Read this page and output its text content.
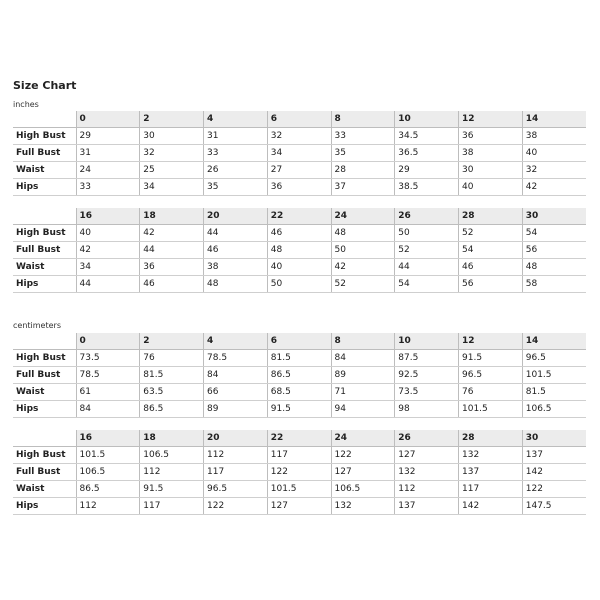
Size Chart
inches
	0	2	4	6	8	10	12	14
High Bust	29	30	31	32	33	34.5	36	38
Full Bust	31	32	33	34	35	36.5	38	40
Waist	24	25	26	27	28	29	30	32
Hips	33	34	35	36	37	38.5	40	42
	16	18	20	22	24	26	28	30
High Bust	40	42	44	46	48	50	52	54
Full Bust	42	44	46	48	50	52	54	56
Waist	34	36	38	40	42	44	46	48
Hips	44	46	48	50	52	54	56	58
centimeters
	0	2	4	6	8	10	12	14
High Bust	73.5	76	78.5	81.5	84	87.5	91.5	96.5
Full Bust	78.5	81.5	84	86.5	89	92.5	96.5	101.5
Waist	61	63.5	66	68.5	71	73.5	76	81.5
Hips	84	86.5	89	91.5	94	98	101.5	106.5
	16	18	20	22	24	26	28	30
High Bust	101.5	106.5	112	117	122	127	132	137
Full Bust	106.5	112	117	122	127	132	137	142
Waist	86.5	91.5	96.5	101.5	106.5	112	117	122
Hips	112	117	122	127	132	137	142	147.5
